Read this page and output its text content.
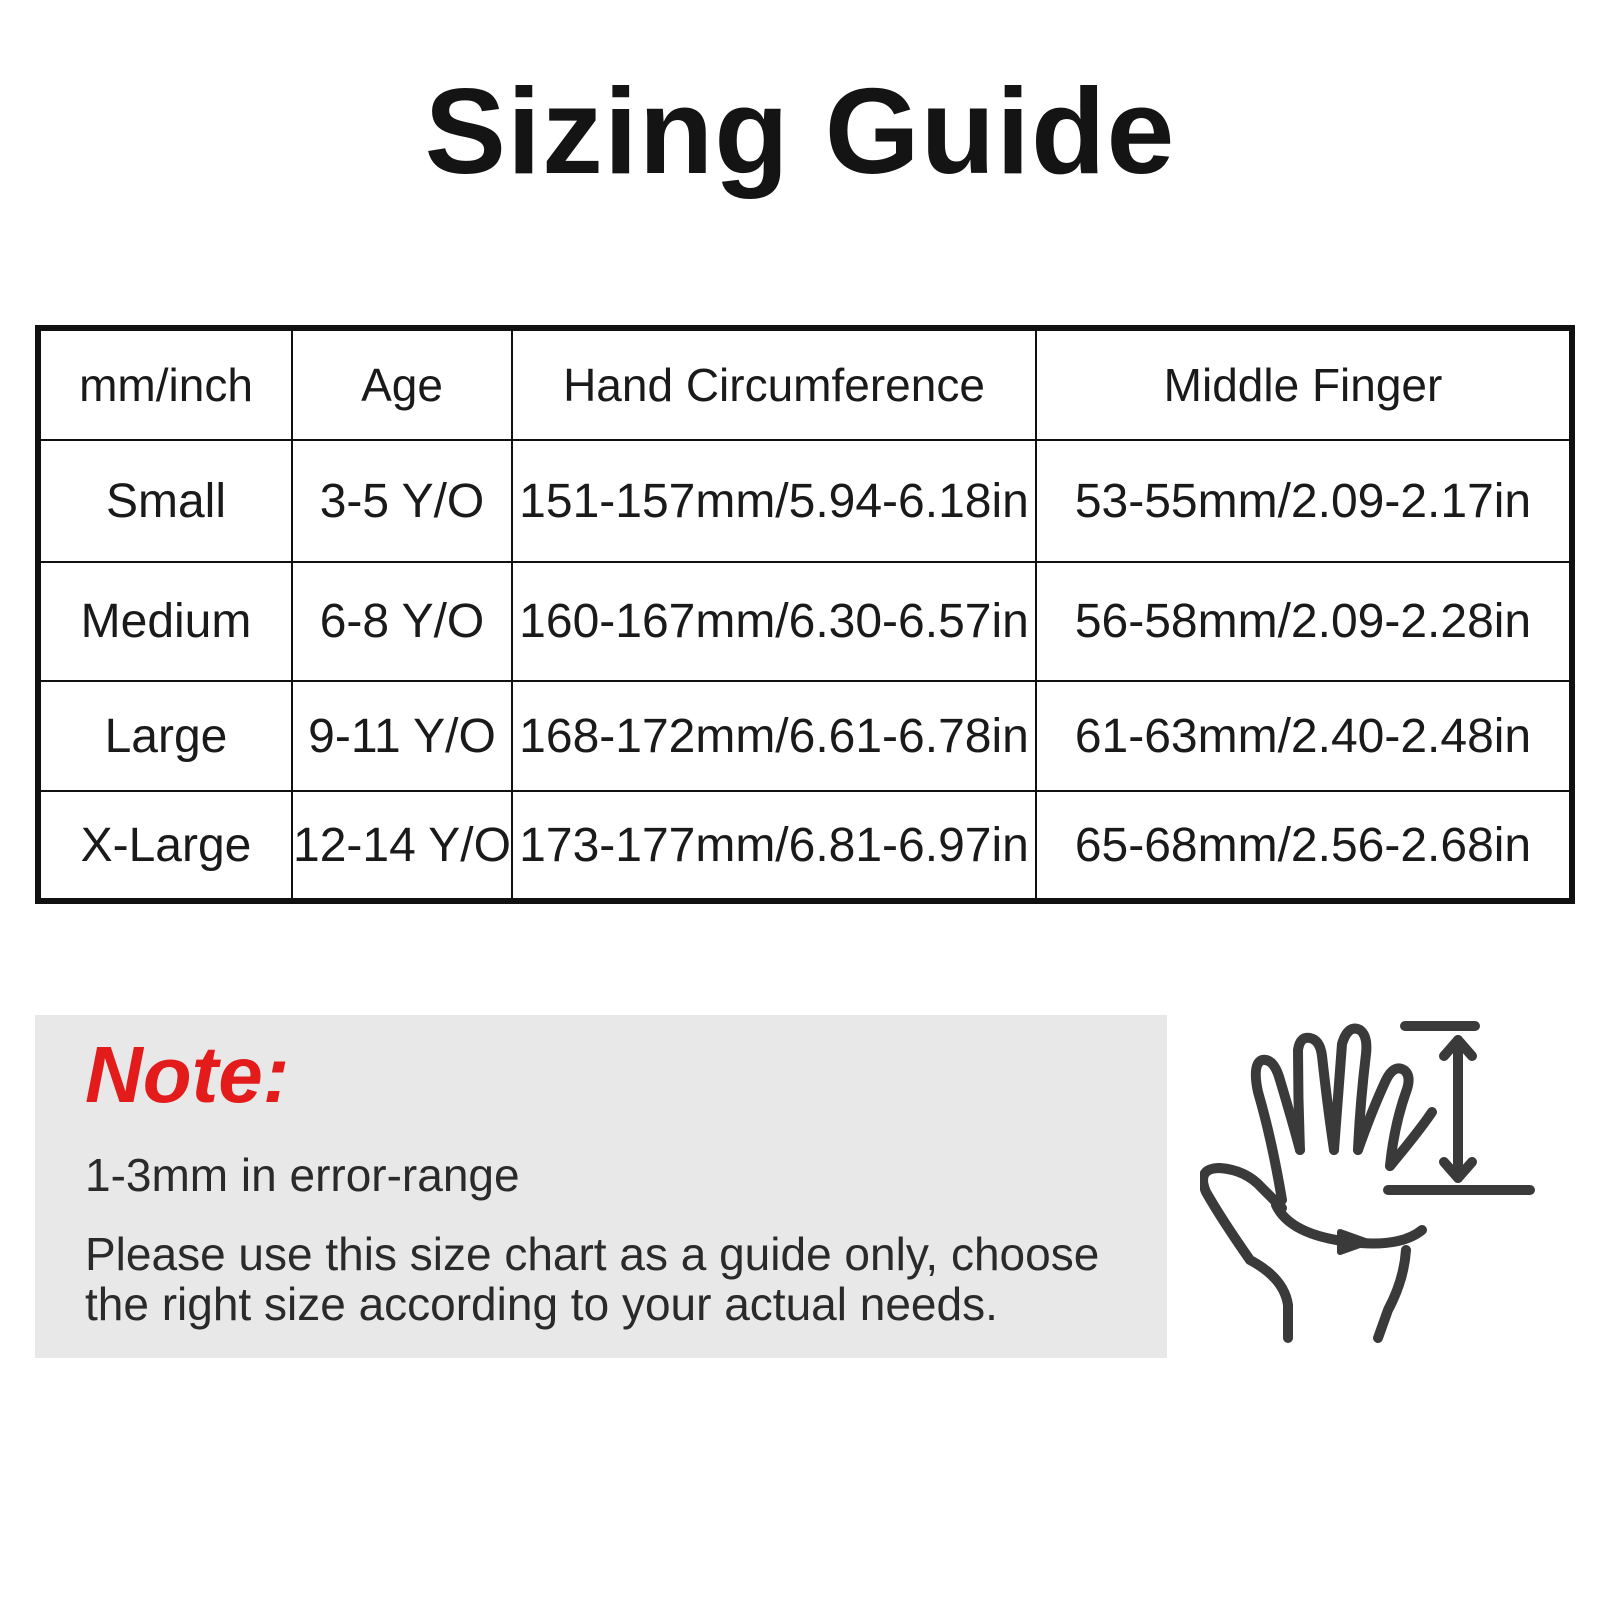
Sizing Guide
mm/inch	Age	Hand Circumference	Middle Finger
Small	3-5 Y/O	151-157mm/5.94-6.18in	53-55mm/2.09-2.17in
Medium	6-8 Y/O	160-167mm/6.30-6.57in	56-58mm/2.09-2.28in
Large	9-11 Y/O	168-172mm/6.61-6.78in	61-63mm/2.40-2.48in
X-Large	12-14 Y/O	173-177mm/6.81-6.97in	65-68mm/2.56-2.68in
Note:
1-3mm in error-range
Please use this size chart as a guide only, choose the right size according to your actual needs.
